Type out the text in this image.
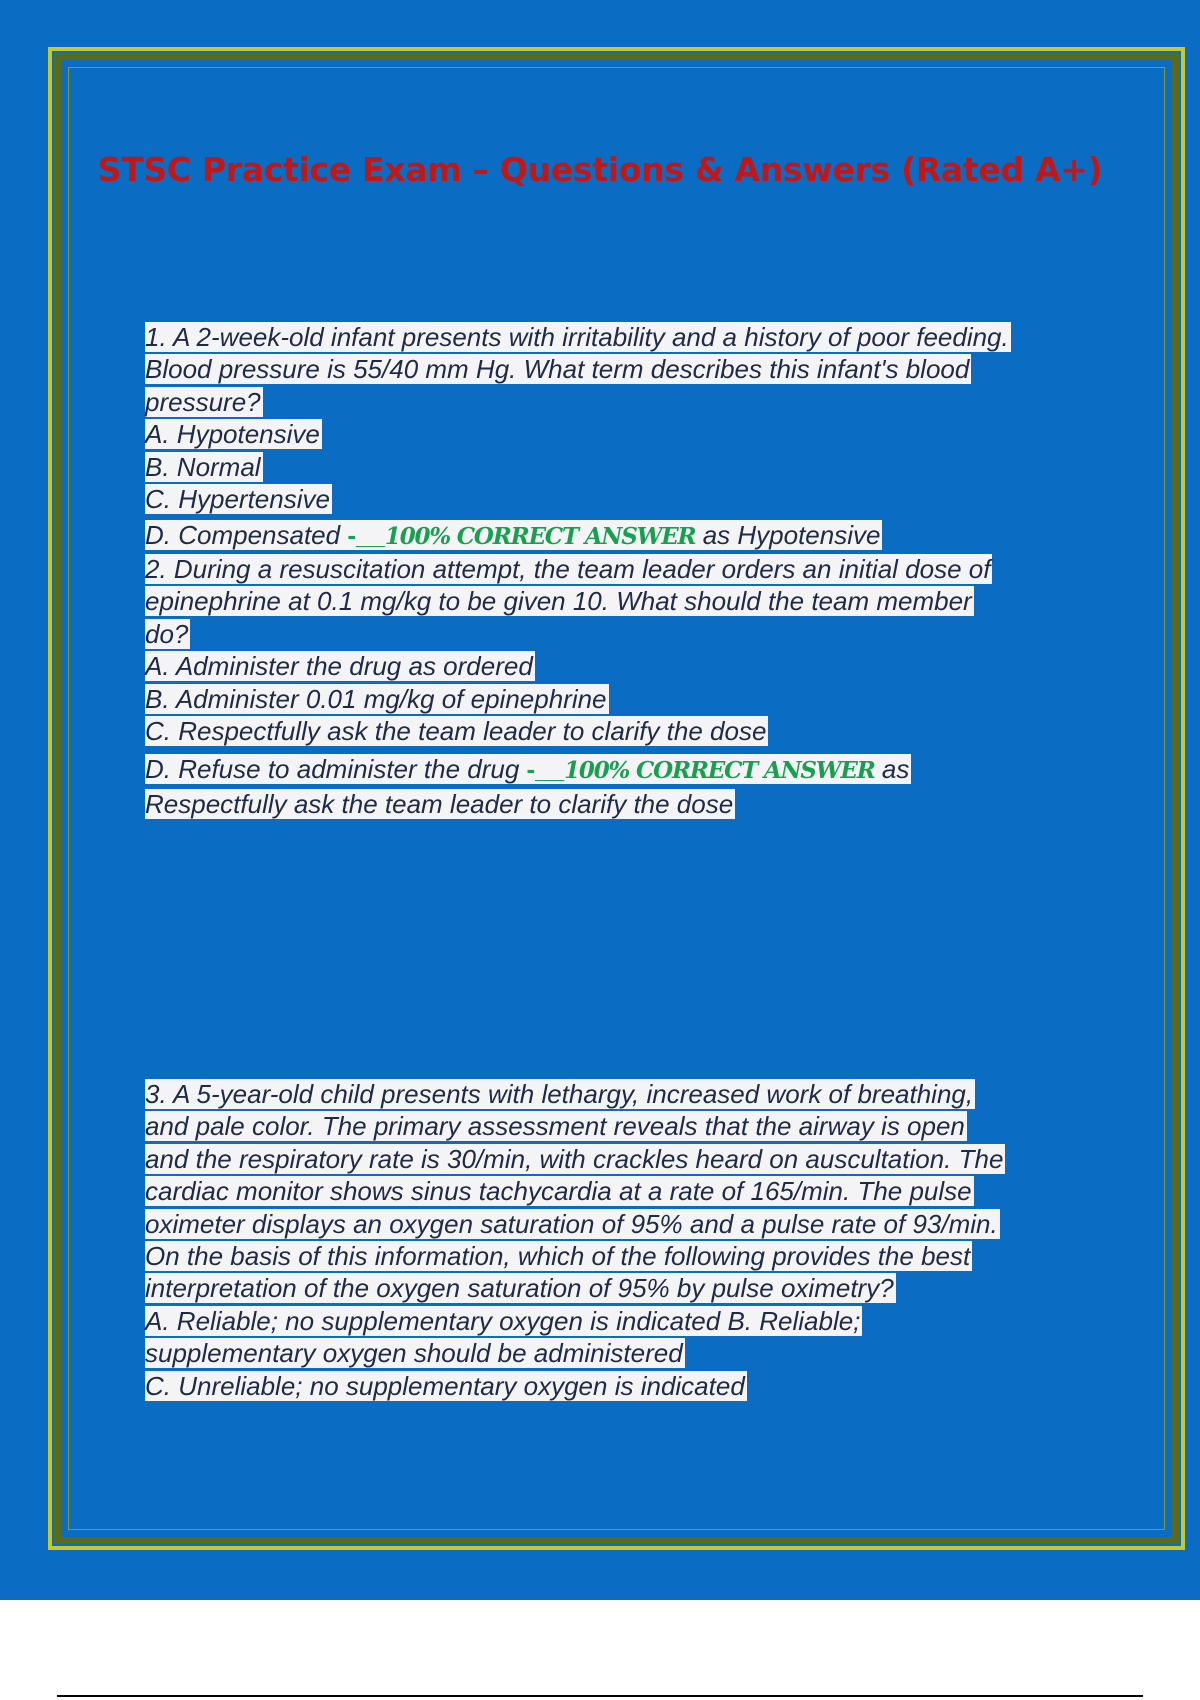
STSC Practice Exam – Questions & Answers (Rated A+)
1. A 2-week-old infant presents with irritability and a history of poor feeding.
Blood pressure is 55/40 mm Hg. What term describes this infant's blood
pressure?
A. Hypotensive
B. Normal
C. Hypertensive
D. Compensated -__100% CORRECT ANSWER as Hypotensive
2. During a resuscitation attempt, the team leader orders an initial dose of
epinephrine at 0.1 mg/kg to be given 10. What should the team member
do?
A. Administer the drug as ordered
B. Administer 0.01 mg/kg of epinephrine
C. Respectfully ask the team leader to clarify the dose
D. Refuse to administer the drug -__100% CORRECT ANSWER as
Respectfully ask the team leader to clarify the dose
3. A 5-year-old child presents with lethargy, increased work of breathing,
and pale color. The primary assessment reveals that the airway is open
and the respiratory rate is 30/min, with crackles heard on auscultation. The
cardiac monitor shows sinus tachycardia at a rate of 165/min. The pulse
oximeter displays an oxygen saturation of 95% and a pulse rate of 93/min.
On the basis of this information, which of the following provides the best
interpretation of the oxygen saturation of 95% by pulse oximetry?
A. Reliable; no supplementary oxygen is indicated B. Reliable;
supplementary oxygen should be administered
C. Unreliable; no supplementary oxygen is indicated
